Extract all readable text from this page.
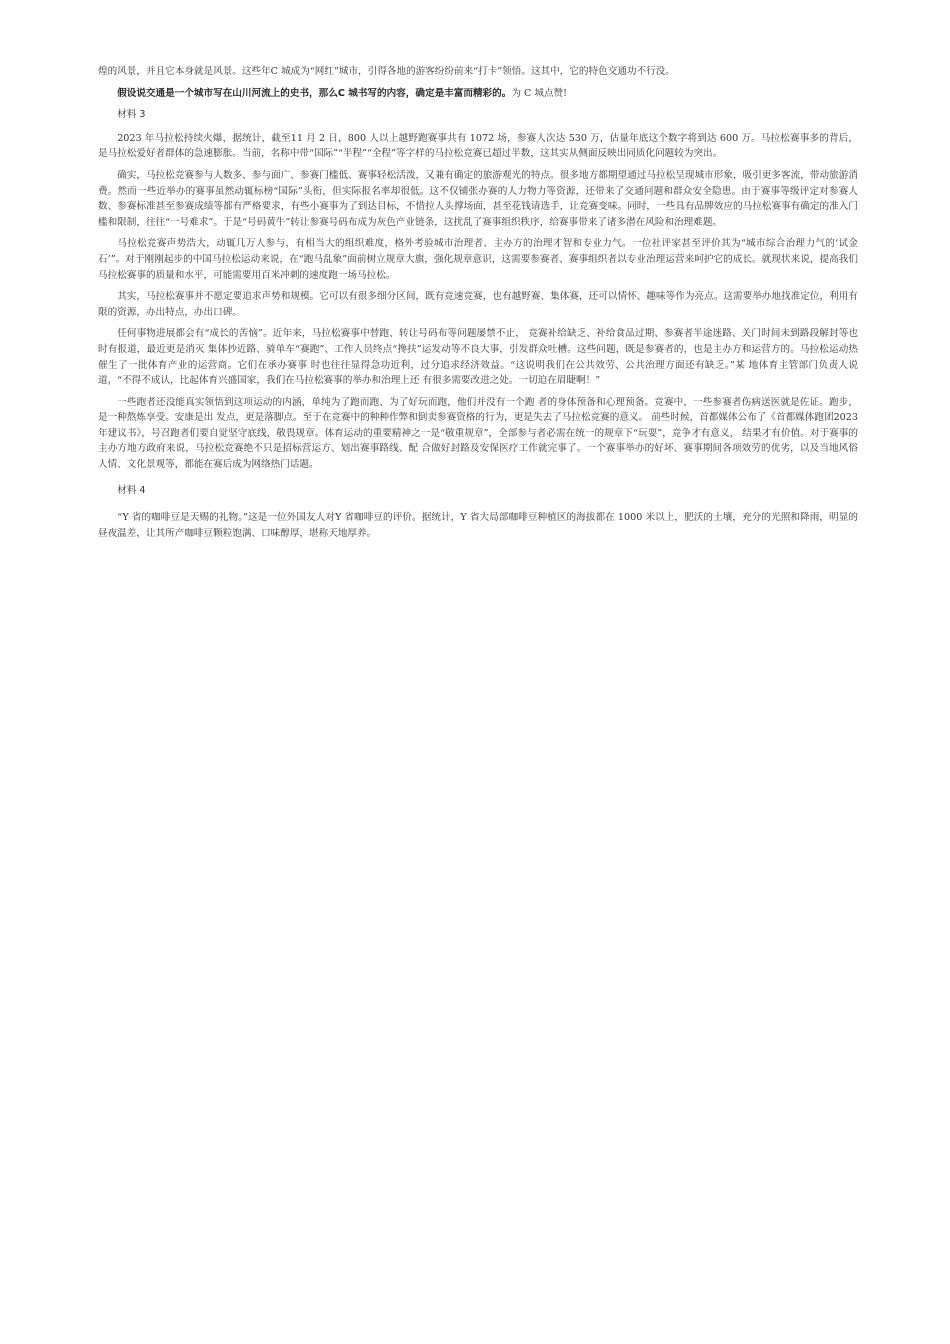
煌的风景，并且它本身就是风景。这些年C 城成为“网红”城市，引得各地的游客纷纷前来“打卡”领悟。这其中，它的特色交通功不行没。

假设说交通是一个城市写在山川河流上的史书，那么C 城书写的内容，确定是丰富而精彩的。为 C 城点赞!

材料 3

2023 年马拉松持续火爆，据统计，截至11 月 2 日，800 人以上越野跑赛事共有 1072 场，参赛人次达 530 万，估量年底这个数字将到达 600 万。马拉松赛事多的背后，是马拉松爱好者群体的急速膨胀。当前，名称中带“国际”“半程”“全程”等字样的马拉松竞赛已超过半数，这其实从侧面反映出同质化问题较为突出。

确实，马拉松竞赛参与人数多、参与面广、参赛门槛低、赛事轻松活泼，又兼有确定的旅游观光的特点。很多地方都期望通过马拉松呈现城市形象，吸引更多客流，带动旅游消费。然而一些近举办的赛事虽然动辄标榜“国际”头衔，但实际报名率却很低。这不仅铺张办赛的人力物力等资源，还带来了交通问题和群众安全隐患。由于赛事等级评定对参赛人数、参赛标准甚至参赛成绩等都有严格要求，有些小赛事为了到达目标，不惜拉人头撑场面，甚至花钱请选手，让竞赛变味。同时，一些具有品牌效应的马拉松赛事有确定的准入门槛和限制，往往“一号难求”。于是“号码黄牛”转让参赛号码布成为灰色产业链条，这扰乱了赛事组织秩序，给赛事带来了诸多潜在风险和治理难题。

马拉松竞赛声势浩大，动辄几万人参与，有相当大的组织难度，格外考验城市治理者、主办方的治理才智和专业力气。一位社评家甚至评价其为“城市综合治理力气的‘试金石’”。对于刚刚起步的中国马拉松运动来说，在“跑马乱象”面前树立规章大旗，强化规章意识，这需要参赛者、赛事组织者以专业治理运营来呵护它的成长。就现状来说，提高我们马拉松赛事的质量和水平，可能需要用百米冲刺的速度跑一场马拉松。

其实，马拉松赛事并不愿定要追求声势和规模。它可以有很多细分区间，既有竞速竞赛，也有越野赛、集体赛，还可以情怀、趣味等作为亮点。这需要举办地找准定位，利用有限的资源，办出特点，办出口碑。

任何事物进展都会有“成长的苦恼”。近年来，马拉松赛事中替跑、转让号码布等问题屡禁不止， 竞赛补给缺乏、补给食品过期、参赛者半途迷路、关门时间未到路段解封等也时有报道，最近更是消灭 集体抄近路、骑单车“赛跑”、工作人员终点“搀扶”运发动等不良大事，引发群众吐槽。这些问题，既是参赛者的，也是主办方和运营方的。马拉松运动热催生了一批体育产业的运营商。它们在承办赛事 时也往往显得急功近利，过分追求经济效益。“这说明我们在公共效劳、公共治理方面还有缺乏。”某 地体育主管部门负责人说道，“不得不成认，比起体育兴盛国家，我们在马拉松赛事的举办和治理上还 有很多需要改进之处。一切迫在眉睫啊！”

一些跑者还没能真实领悟到这项运动的内涵，单纯为了跑而跑、为了好玩而跑，他们并没有一个跑 者的身体预备和心理预备。竞赛中，一些参赛者伤病送医就是佐证。跑步，是一种熬炼享受。安康是出 发点，更是落脚点。至于在竞赛中的种种作弊和倒卖参赛资格的行为，更是失去了马拉松竞赛的意义。 前些时候，首都媒体公布了《首都媒体跑团2023 年建议书》，号召跑者们要自觉坚守底线，敬畏规章。体育运动的重要精神之一是“敬重规章”，全部参与者必需在统一的规章下“玩耍”，竞争才有意义， 结果才有价值。对于赛事的主办方地方政府来说，马拉松竞赛绝不只是招标营运方、划出赛事路线、配 合做好封路及安保医疗工作就完事了。一个赛事举办的好坏、赛事期间各项效劳的优劣，以及当地风俗 人情、文化景观等，都能在赛后成为网络热门话题。

材料 4

“Y 省的咖啡豆是天赐的礼物。”这是一位外国友人对Y 省咖啡豆的评价。据统计，Y 省大局部咖啡豆种植区的海拔都在 1000 米以上，肥沃的土壤，充分的光照和降雨，明显的昼夜温差，让其所产咖啡豆颗粒饱满、口味醇厚，堪称天地厚养。
